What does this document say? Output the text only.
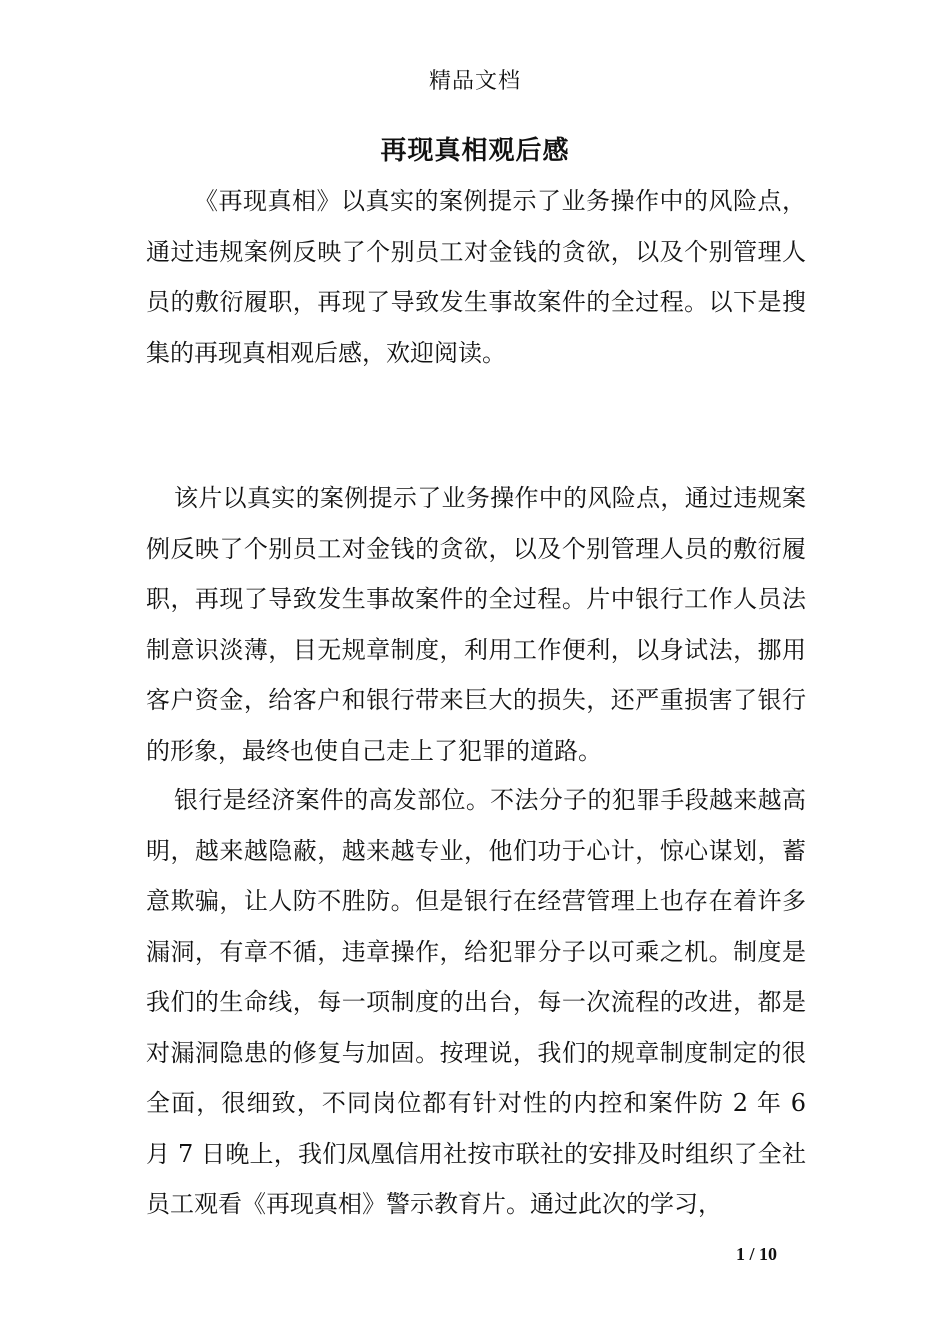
精品文档
再现真相观后感

《再现真相》以真实的案例提示了业务操作中的风险点，通过违规案例反映了个别员工对金钱的贪欲，以及个别管理人员的敷衍履职，再现了导致发生事故案件的全过程。以下是搜集的再现真相观后感，欢迎阅读。

该片以真实的案例提示了业务操作中的风险点，通过违规案例反映了个别员工对金钱的贪欲，以及个别管理人员的敷衍履职，再现了导致发生事故案件的全过程。片中银行工作人员法制意识淡薄，目无规章制度，利用工作便利，以身试法，挪用客户资金，给客户和银行带来巨大的损失，还严重损害了银行的形象，最终也使自己走上了犯罪的道路。

银行是经济案件的高发部位。不法分子的犯罪手段越来越高明，越来越隐蔽，越来越专业，他们功于心计，惊心谋划，蓄意欺骗，让人防不胜防。但是银行在经营管理上也存在着许多漏洞，有章不循，违章操作，给犯罪分子以可乘之机。制度是我们的生命线，每一项制度的出台，每一次流程的改进，都是对漏洞隐患的修复与加固。按理说，我们的规章制度制定的很全面，很细致，不同岗位都有针对性的内控和案件防 2 年 6 月 7 日晚上，我们凤凰信用社按市联社的安排及时组织了全社员工观看《再现真相》警示教育片。通过此次的学习，

1 / 10
